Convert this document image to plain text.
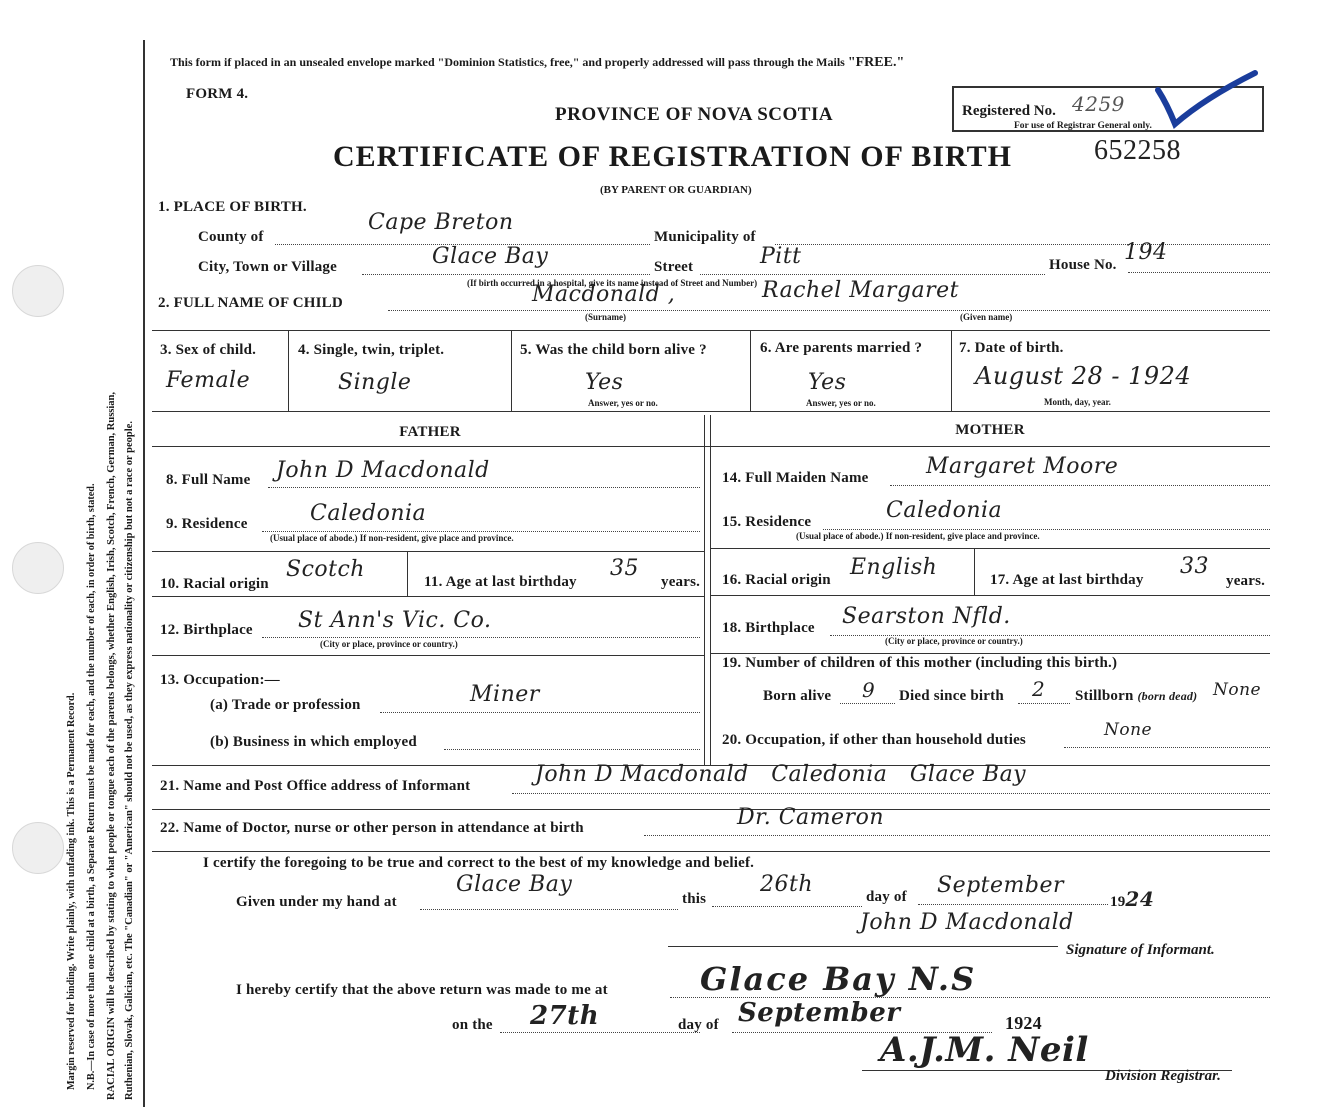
Margin reserved for binding. Write plainly, with unfading ink. This is a Permanent Record. N.B.—In case of more than one child at a birth, a Separate Return must be made for each, and the number of each, in order of birth, stated. RACIAL ORIGIN will be described by stating to what people or tongue each of the parents belongs, whether English, Irish, Scotch, French, German, Russian, Ruthenian, Slovak, Galician, etc. The "Canadian" or "American" should not be used, as they express nationality or citizenship but not a race or people.
This form if placed in an unsealed envelope marked "Dominion Statistics, free," and properly addressed will pass through the Mails "FREE."
FORM 4.
PROVINCE OF NOVA SCOTIA
CERTIFICATE OF REGISTRATION OF BIRTH
(BY PARENT OR GUARDIAN)
652258
Registered No. 4259
For use of Registrar General only.
1. PLACE OF BIRTH.
County of
Cape Breton
Municipality of
City, Town or Village	Glace Bay	Street	Pitt	House No. 194
(If birth occurred in a hospital, give its name instead of Street and Number)
2. FULL NAME OF CHILD	Macdonald ,	Rachel Margaret
(Surname)	(Given name)
3. Sex of child.
Female
4. Single, twin, triplet.
Single
5. Was the child born alive ?
Yes
Answer, yes or no.
6. Are parents married ?
Yes
Answer, yes or no.
7. Date of birth.
August 28 - 1924
Month, day, year.
FATHER	MOTHER
8. Full Name John D Macdonald
9. Residence	Caledonia
(Usual place of abode.) If non-resident, give place and province.
10. Racial origin
Scotch	11. Age at last birthday
35
years.
12. Birthplace St Ann's Vic. Co.
(City or place, province or country.)
13. Occupation:—
(a) Trade or profession	Miner
(b) Business in which employed
14. Full Maiden Name	Margaret Moore
15. Residence	Caledonia
(Usual place of abode.) If non-resident, give place and province.
16. Racial origin English	17. Age at last birthday
33
years.
18. Birthplace Searston Nfld.
(City or place, province or country.)
19. Number of children of this mother (including this birth.)
Born alive 9 Died since birth 2 Stillborn (born dead) None
20. Occupation, if other than household duties	None
21. Name and Post Office address of Informant	John D Macdonald   Caledonia   Glace Bay
22. Name of Doctor, nurse or other person in attendance at birth	Dr. Cameron
I certify the foregoing to be true and correct to the best of my knowledge and belief.
Given under my hand at
Glace Bay
this
26th	day of September
1924
John D Macdonald
Signature of Informant.
I hereby certify that the above return was made to me at	Glace Bay N.S
on the 27th	day of September	1924
A.J.M. Neil
Division Registrar.
